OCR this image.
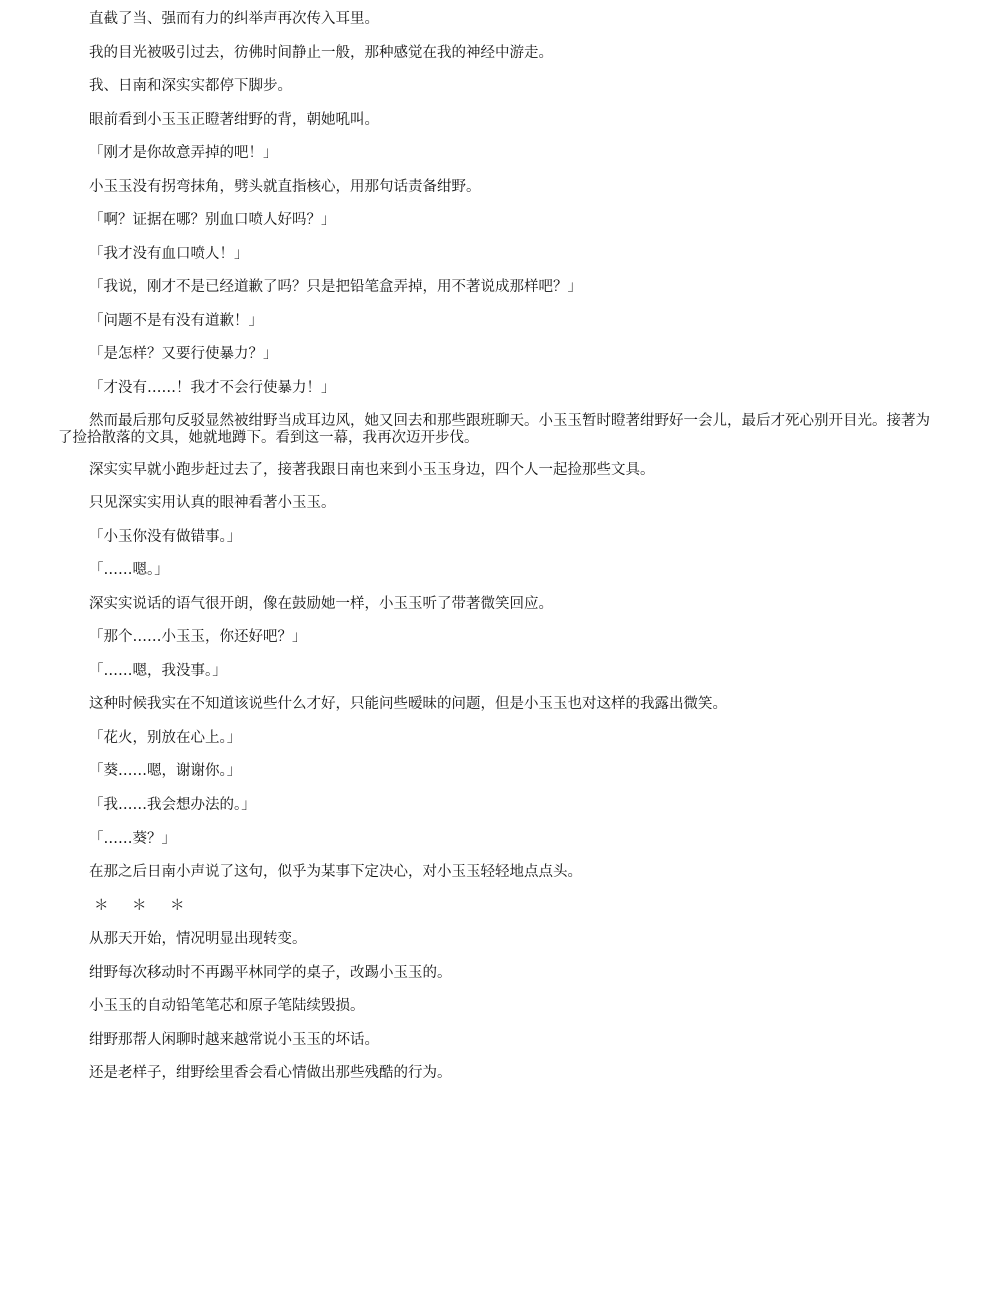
直截了当、强而有力的纠举声再次传入耳里。

我的目光被吸引过去，彷佛时间静止一般，那种感觉在我的神经中游走。

我、日南和深实实都停下脚步。

眼前看到小玉玉正瞪著绀野的背，朝她吼叫。

「刚才是你故意弄掉的吧！」

小玉玉没有拐弯抹角，劈头就直指核心，用那句话责备绀野。

「啊？证据在哪？别血口喷人好吗？」

「我才没有血口喷人！」

「我说，刚才不是已经道歉了吗？只是把铅笔盒弄掉，用不著说成那样吧？」

「问题不是有没有道歉！」

「是怎样？又要行使暴力？」

「才没有……！我才不会行使暴力！」

然而最后那句反驳显然被绀野当成耳边风，她又回去和那些跟班聊天。小玉玉暂时瞪著绀野好一会儿，最后才死心别开目光。接著为了捡拾散落的文具，她就地蹲下。看到这一幕，我再次迈开步伐。

深实实早就小跑步赶过去了，接著我跟日南也来到小玉玉身边，四个人一起捡那些文具。

只见深实实用认真的眼神看著小玉玉。

「小玉你没有做错事。」

「……嗯。」

深实实说话的语气很开朗，像在鼓励她一样，小玉玉听了带著微笑回应。

「那个……小玉玉，你还好吧？」

「……嗯，我没事。」

这种时候我实在不知道该说些什么才好，只能问些暧昧的问题，但是小玉玉也对这样的我露出微笑。

「花火，别放在心上。」

「葵……嗯，谢谢你。」

「我……我会想办法的。」

「……葵？」

在那之后日南小声说了这句，似乎为某事下定决心，对小玉玉轻轻地点点头。

＊ ＊ ＊

从那天开始，情况明显出现转变。

绀野每次移动时不再踢平林同学的桌子，改踢小玉玉的。

小玉玉的自动铅笔笔芯和原子笔陆续毁损。

绀野那帮人闲聊时越来越常说小玉玉的坏话。

还是老样子，绀野绘里香会看心情做出那些残酷的行为。
